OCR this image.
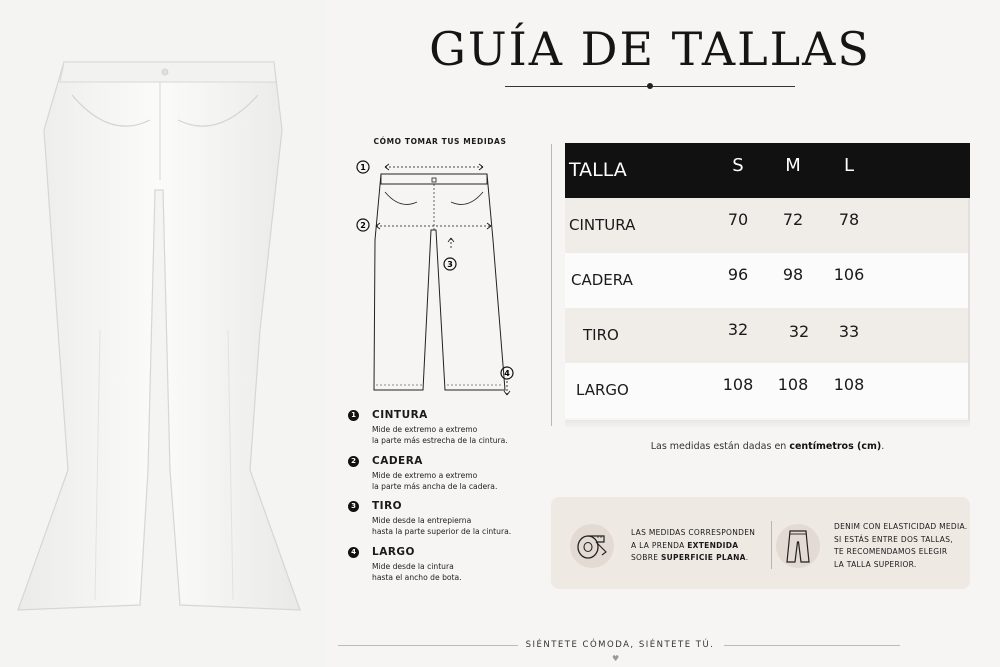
GUÍA DE TALLAS
CÓMO TOMAR TUS MEDIDAS
1
2
3
4
1 CINTURA
Mide de extremo a extremo
la parte más estrecha de la cintura.
2 CADERA
Mide de extremo a extremo
la parte más ancha de la cadera.
3 TIRO
Mide desde la entrepierna
hasta la parte superior de la cintura.
4 LARGO
Mide desde la cintura
hasta el ancho de bota.
TALLA	S M L
CINTURA	70 72 78
CADERA	96 98 106
TIRO	32	32 33
LARGO	108 108 108
Las medidas están dadas en centímetros (cm).
LAS MEDIDAS CORRESPONDEN
A LA PRENDA EXTENDIDA
SOBRE SUPERFICIE PLANA.
DENIM CON ELASTICIDAD MEDIA.
SI ESTÁS ENTRE DOS TALLAS,
TE RECOMENDAMOS ELEGIR
LA TALLA SUPERIOR.
SIÉNTETE CÓMODA, SIÉNTETE TÚ.
♥
